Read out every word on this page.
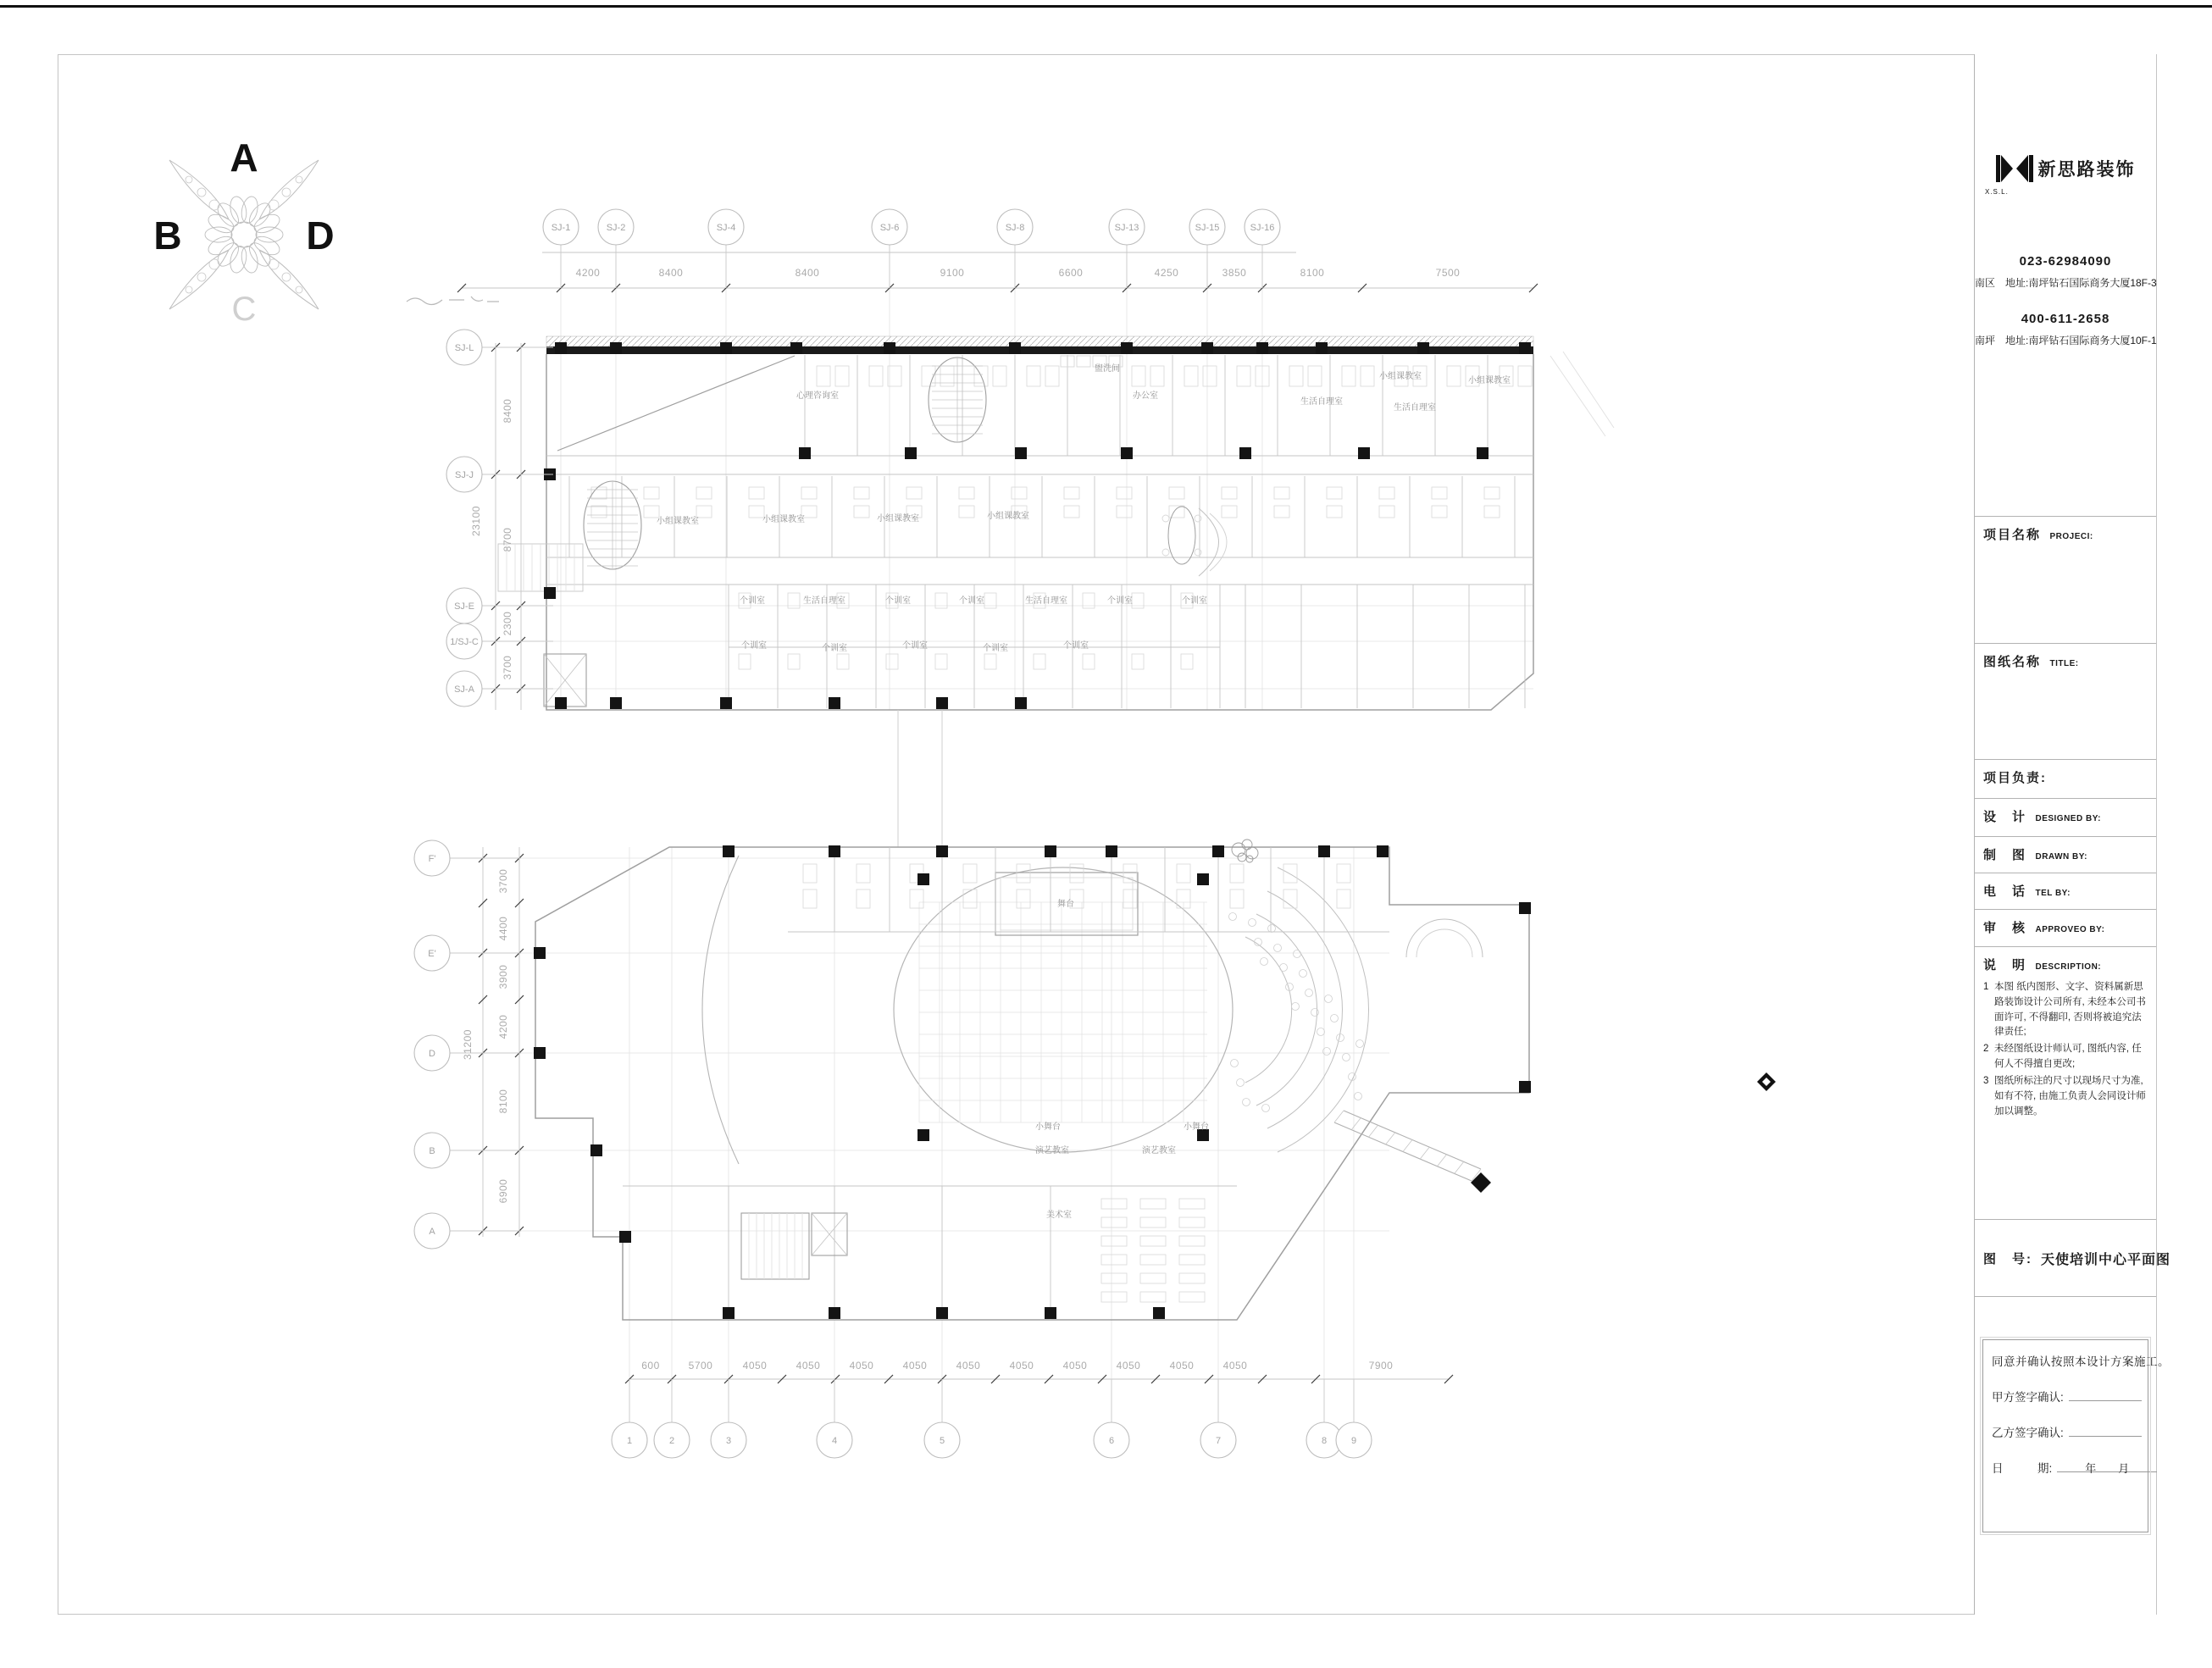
A
B	D
C
SJ-1	SJ-2	SJ-4	SJ-6	SJ-8	SJ-13	SJ-15	SJ-16
SJ-L
SJ-J
SJ-E
1/SJ-C
SJ-A
4200	8400	8400	9100	6600	4250	3850	8100	7500
8400
8700
2300
3700
23100	小组课教室	小组课教室	小组课教室	小组课教室
小组课教室	小组课教室
个训室	生活自理室	个训室	个训室	生活自理室	个训室	个训室
个训室	个训室	个训室	个训室	个训室
心理咨询室
盥洗间
办公室
生活自理室
生活自理室
1	2	3	4	5	6	7	8	9
F'
E'
D
B
A
600	5700	4050	4050	4050	4050	4050	4050	4050	4050	4050	4050	7900
3700
4400
3900
4200
8100
6900
31200
舞台
小舞台	小舞台
演艺教室	演艺教室
美术室
新思路装饰
X.S.L.
023-62984090
南区　地址:南坪钻石国际商务大厦18F-3
400-611-2658
南坪　地址:南坪钻石国际商务大厦10F-1
项目名称 PROJECI:
图纸名称 TITLE:
项目负责:
设　计 DESIGNED BY:
制　图 DRAWN BY:
电　话 TEL BY:
审　核 APPROVEO BY:
说　明 DESCRIPTION:
1 本图 纸内图形、文字、资料属新思路装饰设计公司所有, 未经本公司书面许可, 不得翻印, 否则将被追究法律责任;
2 未经图纸设计师认可, 图纸内容, 任何人不得擅自更改;
3 图纸所标注的尺寸以现场尺寸为准, 如有不符, 由施工负责人会同设计师加以调整。
图　号: 天使培训中心平面图
同意并确认按照本设计方案施工。
甲方签字确认:
乙方签字确认:
日　　　期:	年　　月
